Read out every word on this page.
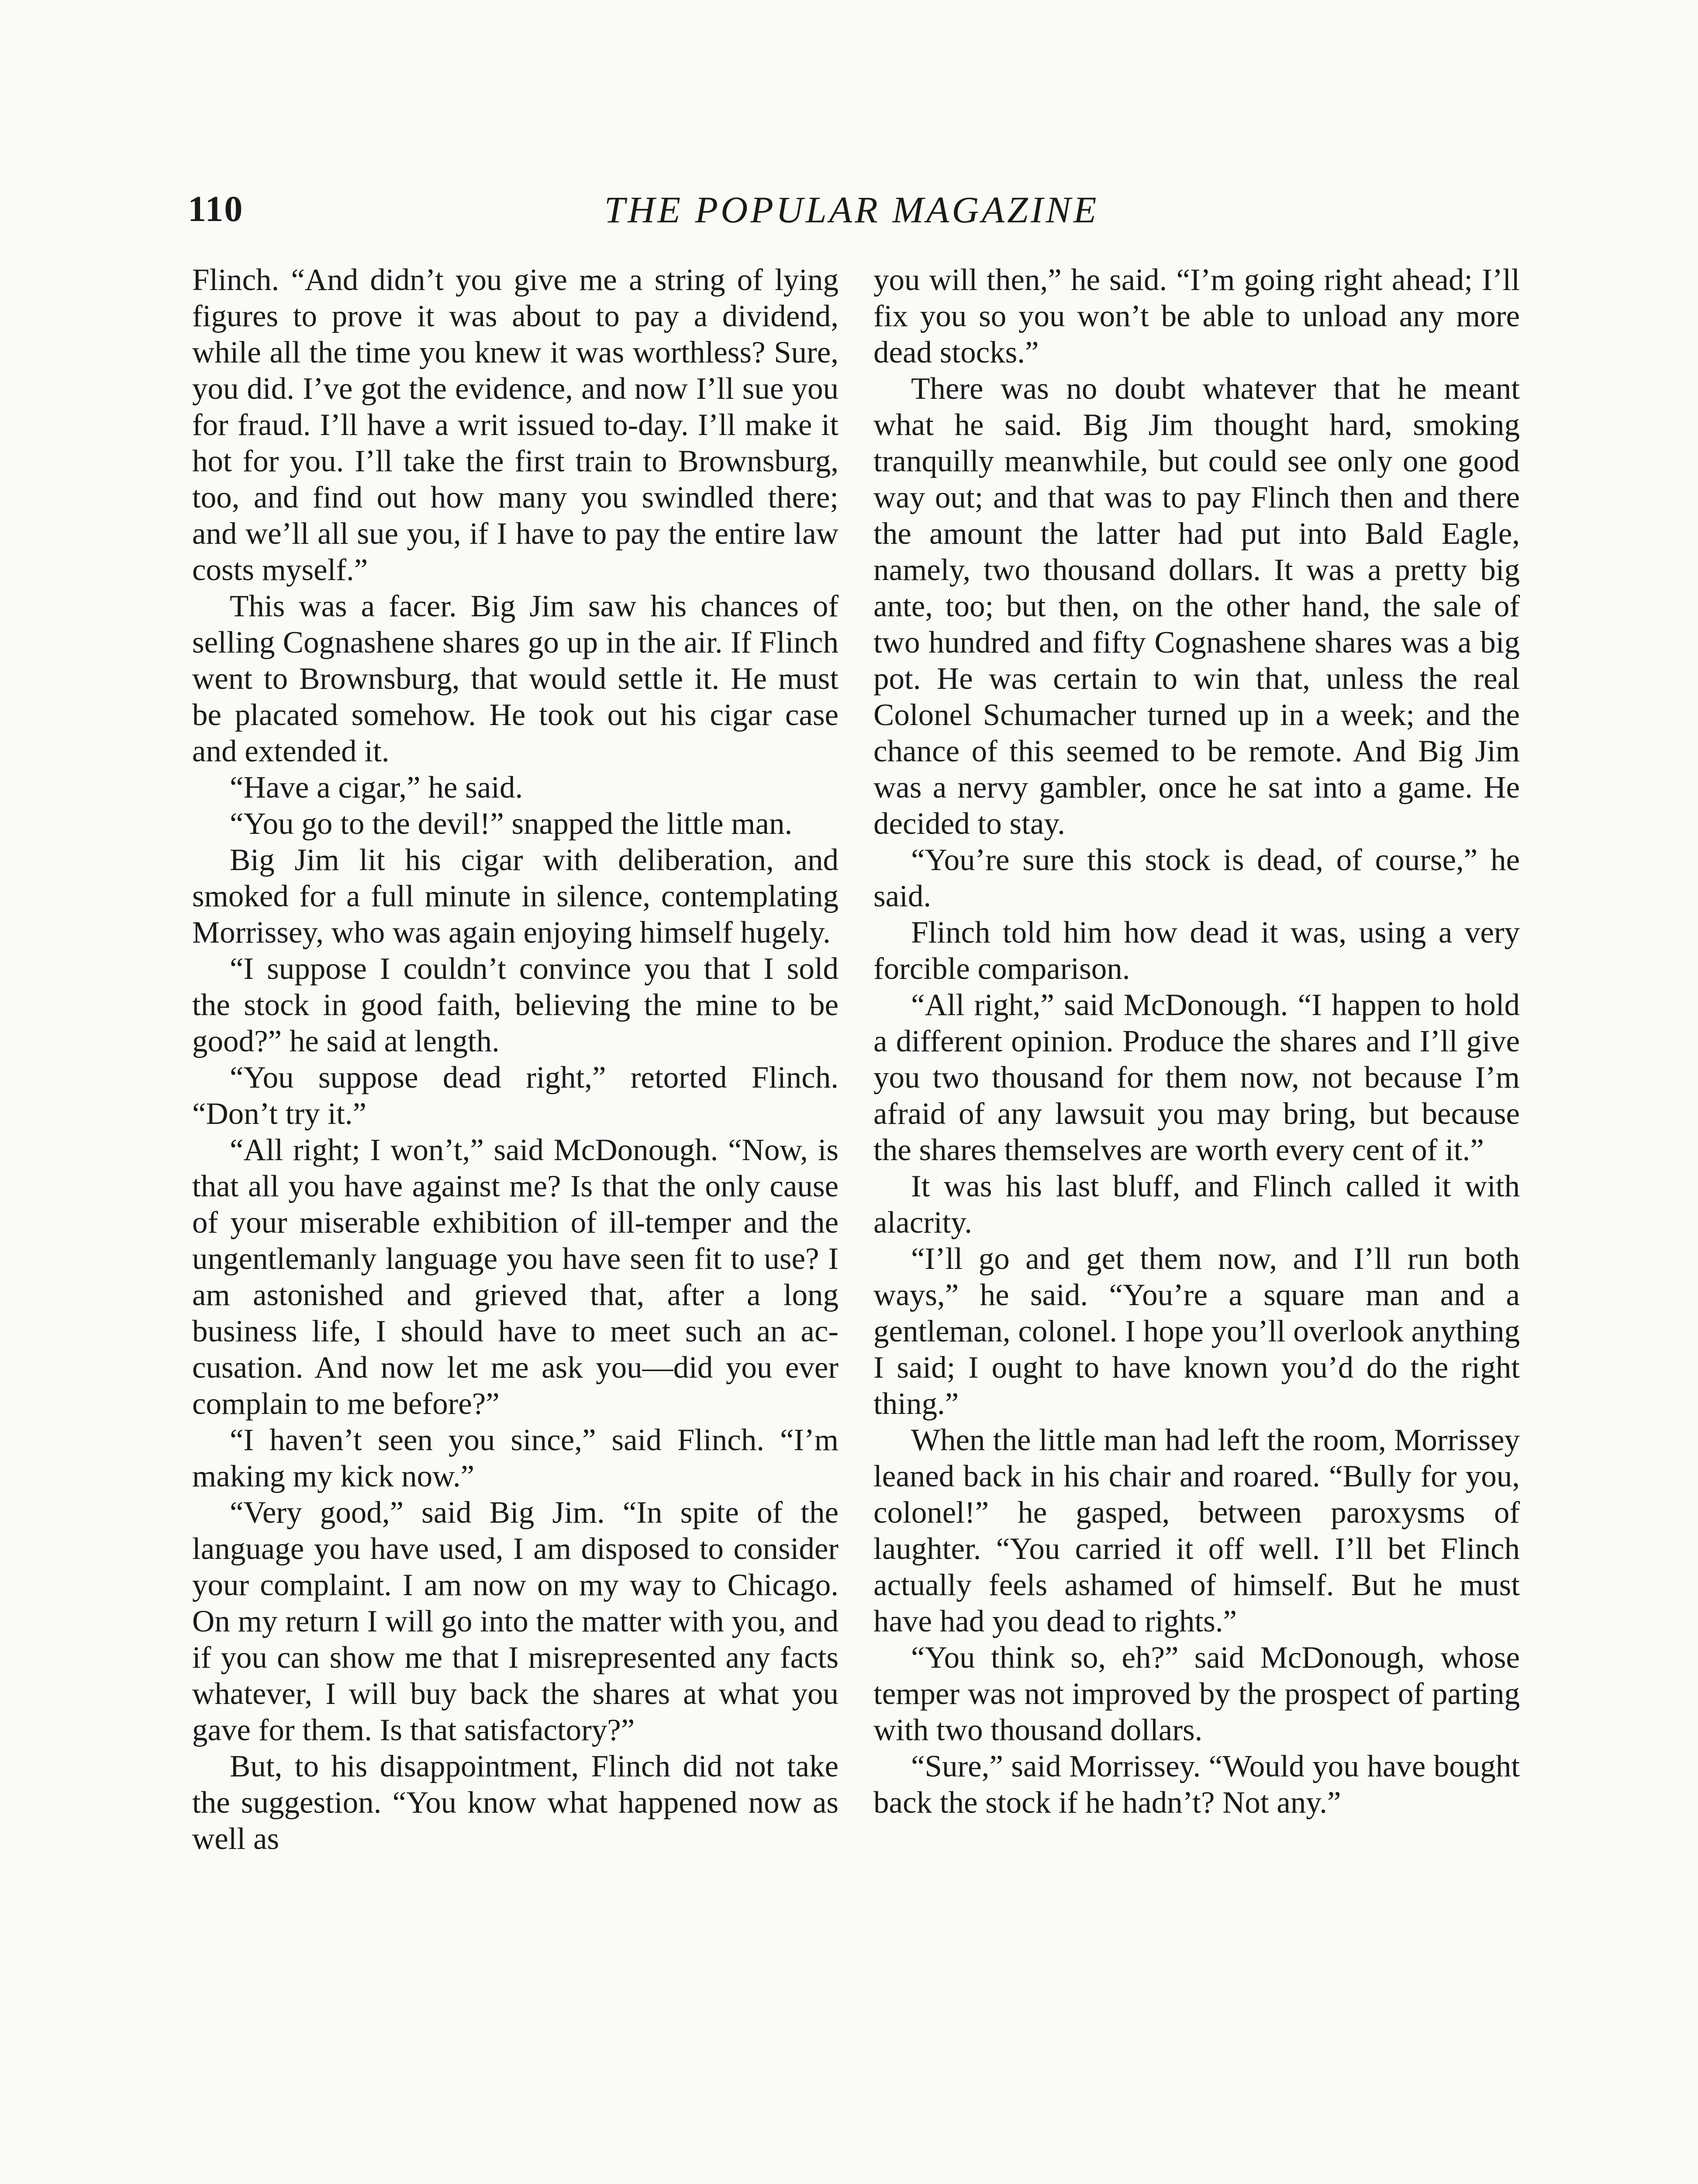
110	THE POPULAR MAGAZINE

Flinch. “And didn’t you give me a string of lying figures to prove it was about to pay a dividend, while all the time you knew it was worthless? Sure, you did. I’ve got the evidence, and now I’ll sue you for fraud. I’ll have a writ issued to-day. I’ll make it hot for you. I’ll take the first train to Brownsburg, too, and find out how many you swindled there; and we’ll all sue you, if I have to pay the entire law costs myself.”

This was a facer. Big Jim saw his chances of selling Cognashene shares go up in the air. If Flinch went to Brownsburg, that would settle it. He must be placated somehow. He took out his cigar case and extended it.

“Have a cigar,” he said.

“You go to the devil!” snapped the little man.

Big Jim lit his cigar with deliberation, and smoked for a full minute in silence, contemplating Morrissey, who was again enjoying himself hugely.

“I suppose I couldn’t convince you that I sold the stock in good faith, believing the mine to be good?” he said at length.

“You suppose dead right,” retorted Flinch. “Don’t try it.”

“All right; I won’t,” said McDonough. “Now, is that all you have against me? Is that the only cause of your miserable exhibition of ill-temper and the ungentlemanly language you have seen fit to use? I am astonished and grieved that, after a long business life, I should have to meet such an accusation. And now let me ask you—did you ever complain to me before?”

“I haven’t seen you since,” said Flinch. “I’m making my kick now.”

“Very good,” said Big Jim. “In spite of the language you have used, I am disposed to consider your complaint. I am now on my way to Chicago. On my return I will go into the matter with you, and if you can show me that I misrepresented any facts whatever, I will buy back the shares at what you gave for them. Is that satisfactory?”

But, to his disappointment, Flinch did not take the suggestion. “You know what happened now as well as

you will then,” he said. “I’m going right ahead; I’ll fix you so you won’t be able to unload any more dead stocks.”

There was no doubt whatever that he meant what he said. Big Jim thought hard, smoking tranquilly meanwhile, but could see only one good way out; and that was to pay Flinch then and there the amount the latter had put into Bald Eagle, namely, two thousand dollars. It was a pretty big ante, too; but then, on the other hand, the sale of two hundred and fifty Cognashene shares was a big pot. He was certain to win that, unless the real Colonel Schumacher turned up in a week; and the chance of this seemed to be remote. And Big Jim was a nervy gambler, once he sat into a game. He decided to stay.

“You’re sure this stock is dead, of course,” he said.

Flinch told him how dead it was, using a very forcible comparison.

“All right,” said McDonough. “I happen to hold a different opinion. Produce the shares and I’ll give you two thousand for them now, not because I’m afraid of any lawsuit you may bring, but because the shares themselves are worth every cent of it.”

It was his last bluff, and Flinch called it with alacrity.

“I’ll go and get them now, and I’ll run both ways,” he said. “You’re a square man and a gentleman, colonel. I hope you’ll overlook anything I said; I ought to have known you’d do the right thing.”

When the little man had left the room, Morrissey leaned back in his chair and roared. “Bully for you, colonel!” he gasped, between paroxysms of laughter. “You carried it off well. I’ll bet Flinch actually feels ashamed of himself. But he must have had you dead to rights.”

“You think so, eh?” said McDonough, whose temper was not improved by the prospect of parting with two thousand dollars.

“Sure,” said Morrissey. “Would you have bought back the stock if he hadn’t? Not any.”
